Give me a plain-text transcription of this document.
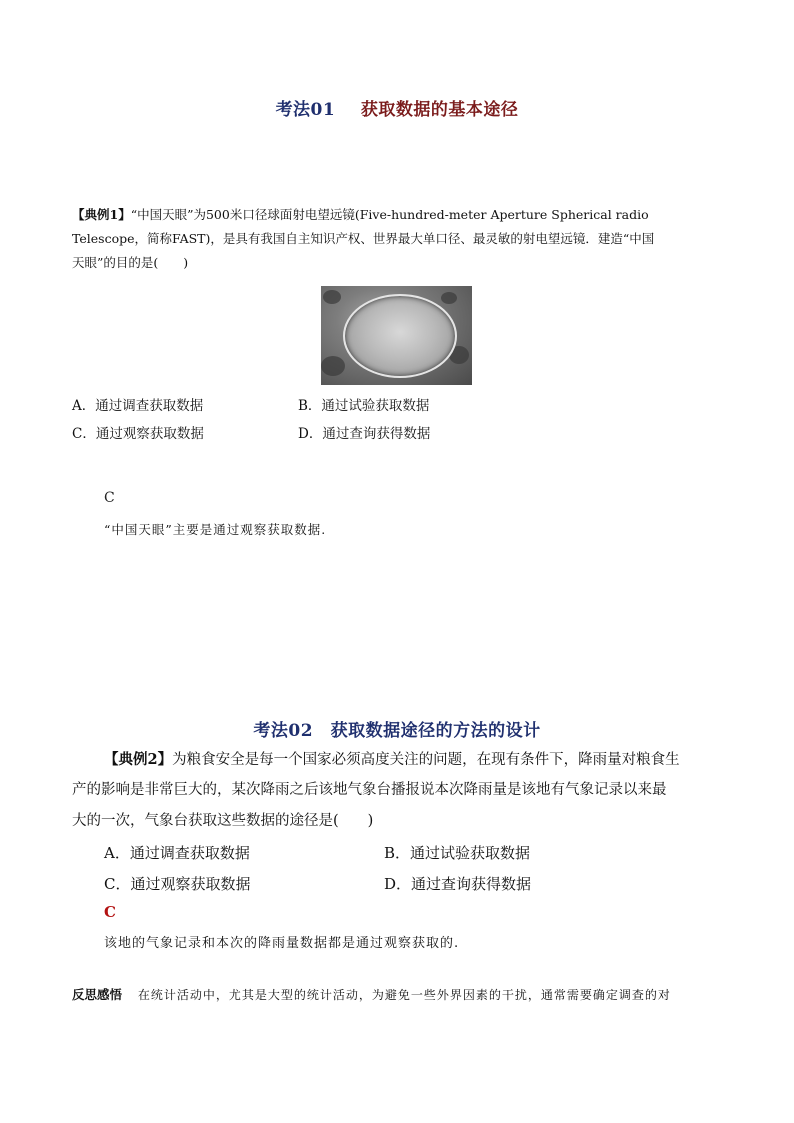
考法01 获取数据的基本途径
【典例1】“中国天眼”为500米口径球面射电望远镜(Five-hundred-meter Aperture Spherical radio
Telescope，简称FAST)，是具有我国自主知识产权、世界最大单口径、最灵敏的射电望远镜．建造“中国
天眼”的目的是(　　)
A．通过调查获取数据	B．通过试验获取数据
C．通过观察获取数据	D．通过查询获得数据
C
“中国天眼”主要是通过观察获取数据.
考法02　获取数据途径的方法的设计
【典例2】为粮食安全是每一个国家必须高度关注的问题，在现有条件下，降雨量对粮食生
产的影响是非常巨大的，某次降雨之后该地气象台播报说本次降雨量是该地有气象记录以来最
大的一次，气象台获取这些数据的途径是(　　)
A．通过调查获取数据	B．通过试验获取数据
C．通过观察获取数据	D．通过查询获得数据
C
该地的气象记录和本次的降雨量数据都是通过观察获取的.
反思感悟 在统计活动中，尤其是大型的统计活动，为避免一些外界因素的干扰，通常需要确定调查的对
